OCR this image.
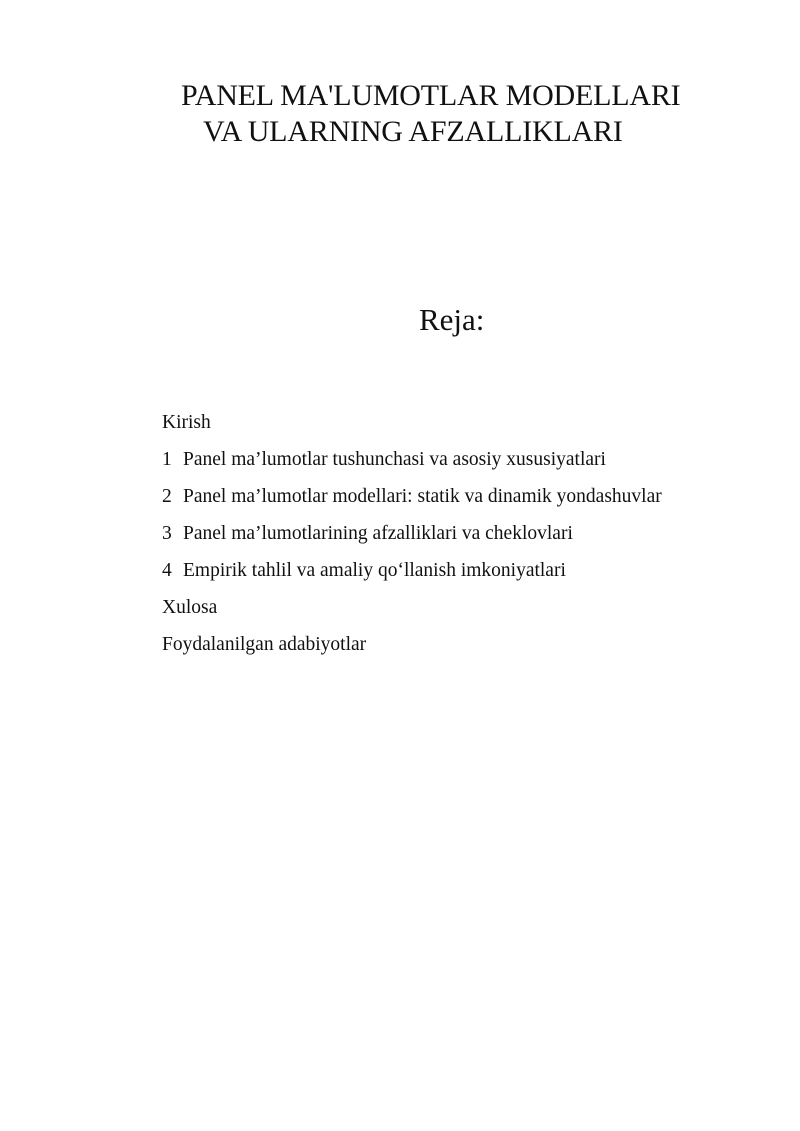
PANEL MA'LUMOTLAR MODELLARI
VA ULARNING AFZALLIKLARI
Reja:
Kirish
1 Panel ma’lumotlar tushunchasi va asosiy xususiyatlari
2 Panel ma’lumotlar modellari: statik va dinamik yondashuvlar
3 Panel ma’lumotlarining afzalliklari va cheklovlari
4 Empirik tahlil va amaliy qo‘llanish imkoniyatlari
Xulosa
Foydalanilgan adabiyotlar
